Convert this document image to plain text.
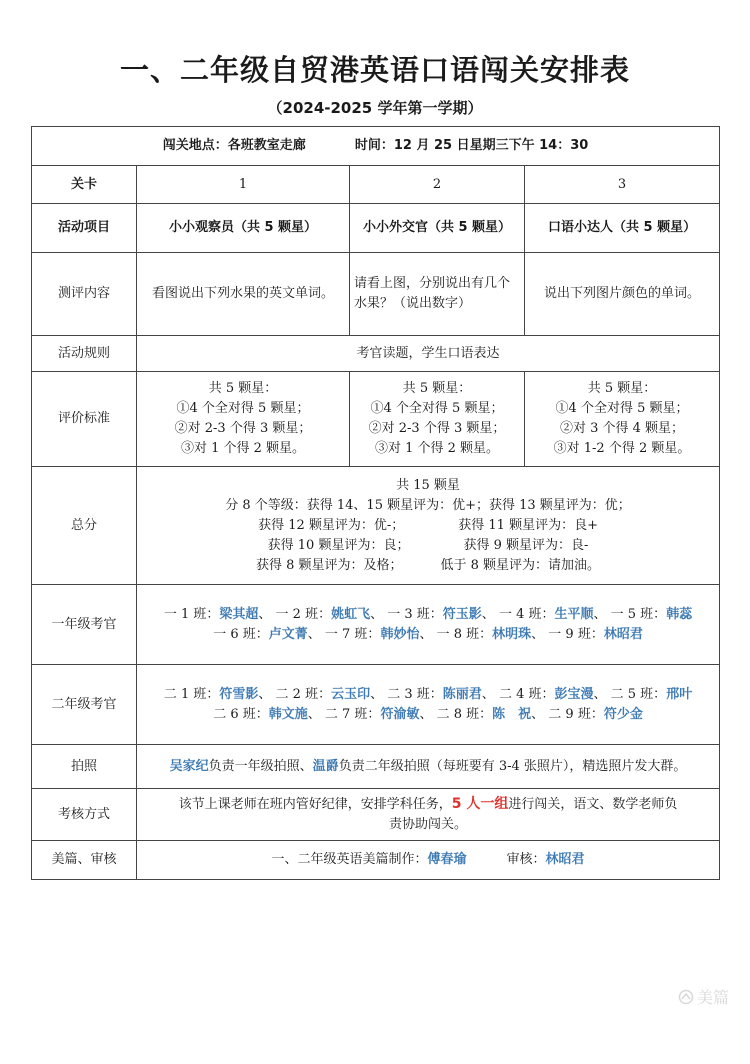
一、二年级自贸港英语口语闯关安排表
（2024-2025 学年第一学期）
闯关地点：各班教室走廊 时间：12 月 25 日星期三下午 14：30			
关卡	1	2	3
活动项目	小小观察员（共 5 颗星）	小小外交官（共 5 颗星）	口语小达人（共 5 颗星）
测评内容	看图说出下列水果的英文单词。	请看上图，分别说出有几个水果？（说出数字）	说出下列图片颜色的单词。
活动规则	考官读题，学生口语表达		
评价标准	共 5 颗星：
①4 个全对得 5 颗星；
②对 2-3 个得 3 颗星；
③对 1 个得 2 颗星。	共 5 颗星：
①4 个全对得 5 颗星；
②对 2-3 个得 3 颗星；
③对 1 个得 2 颗星。	共 5 颗星：
①4 个全对得 5 颗星；
②对 3 个得 4 颗星；
③对 1-2 个得 2 颗星。

总分	共 15 颗星
分 8 个等级：获得 14、15 颗星评为：优+；获得 13 颗星评为：优；
获得 12 颗星评为：优-； 获得 11 颗星评为：良+
获得 10 颗星评为：良； 获得 9 颗星评为：良-
获得 8 颗星评为：及格； 低于 8 颗星评为：请加油。		

一年级考官	一 1 班：梁其超、 一 2 班：姚虹飞、 一 3 班：符玉影、 一 4 班：生平顺、 一 5 班：韩蕊
一 6 班：卢文菁、 一 7 班：韩妙怡、 一 8 班：林明珠、 一 9 班：林昭君		

二年级考官	二 1 班：符雪影、 二 2 班：云玉印、 二 3 班：陈丽君、 二 4 班：彭宝漫、 二 5 班：邢叶
二 6 班：韩文施、 二 7 班：符渝敏、 二 8 班：陈　祝、 二 9 班：符少金		

拍照	吴家纪负责一年级拍照、温爵负责二年级拍照（每班要有 3-4 张照片），精选照片发大群。		
考核方式	该节上课老师在班内管好纪律，安排学科任务，5 人一组进行闯关，语文、数学老师负责协助闯关。		
美篇、审核	一、二年级英语美篇制作：傅春瑜 审核：林昭君		
美篇
